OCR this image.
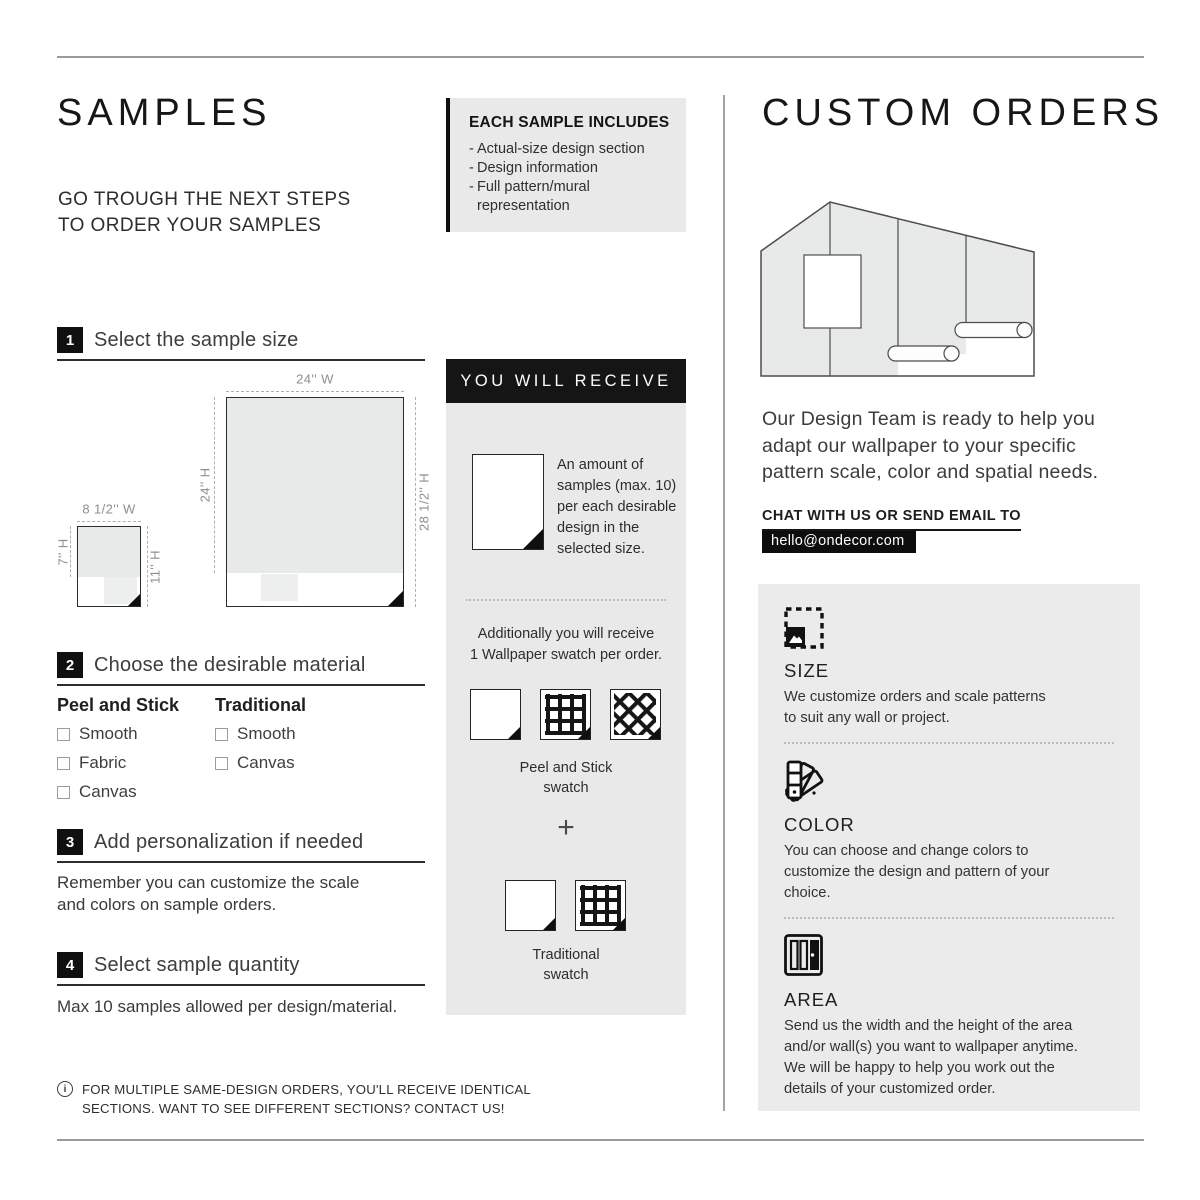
SAMPLES
GO TROUGH THE NEXT STEPS
TO ORDER YOUR SAMPLES
1 Select the sample size
8 1/2'' W
7'' H	11'' H
24'' W
24'' H	28 1/2'' H
2 Choose the desirable material
Peel and Stick
Smooth
Fabric
Canvas
Traditional
Smooth
Canvas
3 Add personalization if needed
Remember you can customize the scale
and colors on sample orders.
4 Select sample quantity
Max 10 samples allowed per design/material.
i	FOR MULTIPLE SAME-DESIGN ORDERS, YOU'LL RECEIVE IDENTICAL
SECTIONS. WANT TO SEE DIFFERENT SECTIONS? CONTACT US!
EACH SAMPLE INCLUDES
- Actual-size design section
- Design information
- Full pattern/mural representation
YOU WILL RECEIVE
An amount of
samples (max. 10)
per each desirable
design in the
selected size.
Additionally you will receive
1 Wallpaper swatch per order.
Peel and Stick
swatch
+
Traditional
swatch
CUSTOM ORDERS
Our Design Team is ready to help you
adapt our wallpaper to your specific
pattern scale, color and spatial needs.
CHAT WITH US OR SEND EMAIL TO
hello@ondecor.com
SIZE
We customize orders and scale patterns
to suit any wall or project.
COLOR
You can choose and change colors to
customize the design and pattern of your
choice.
AREA
Send us the width and the height of the area
and/or wall(s) you want to wallpaper anytime.
We will be happy to help you work out the
details of your customized order.
